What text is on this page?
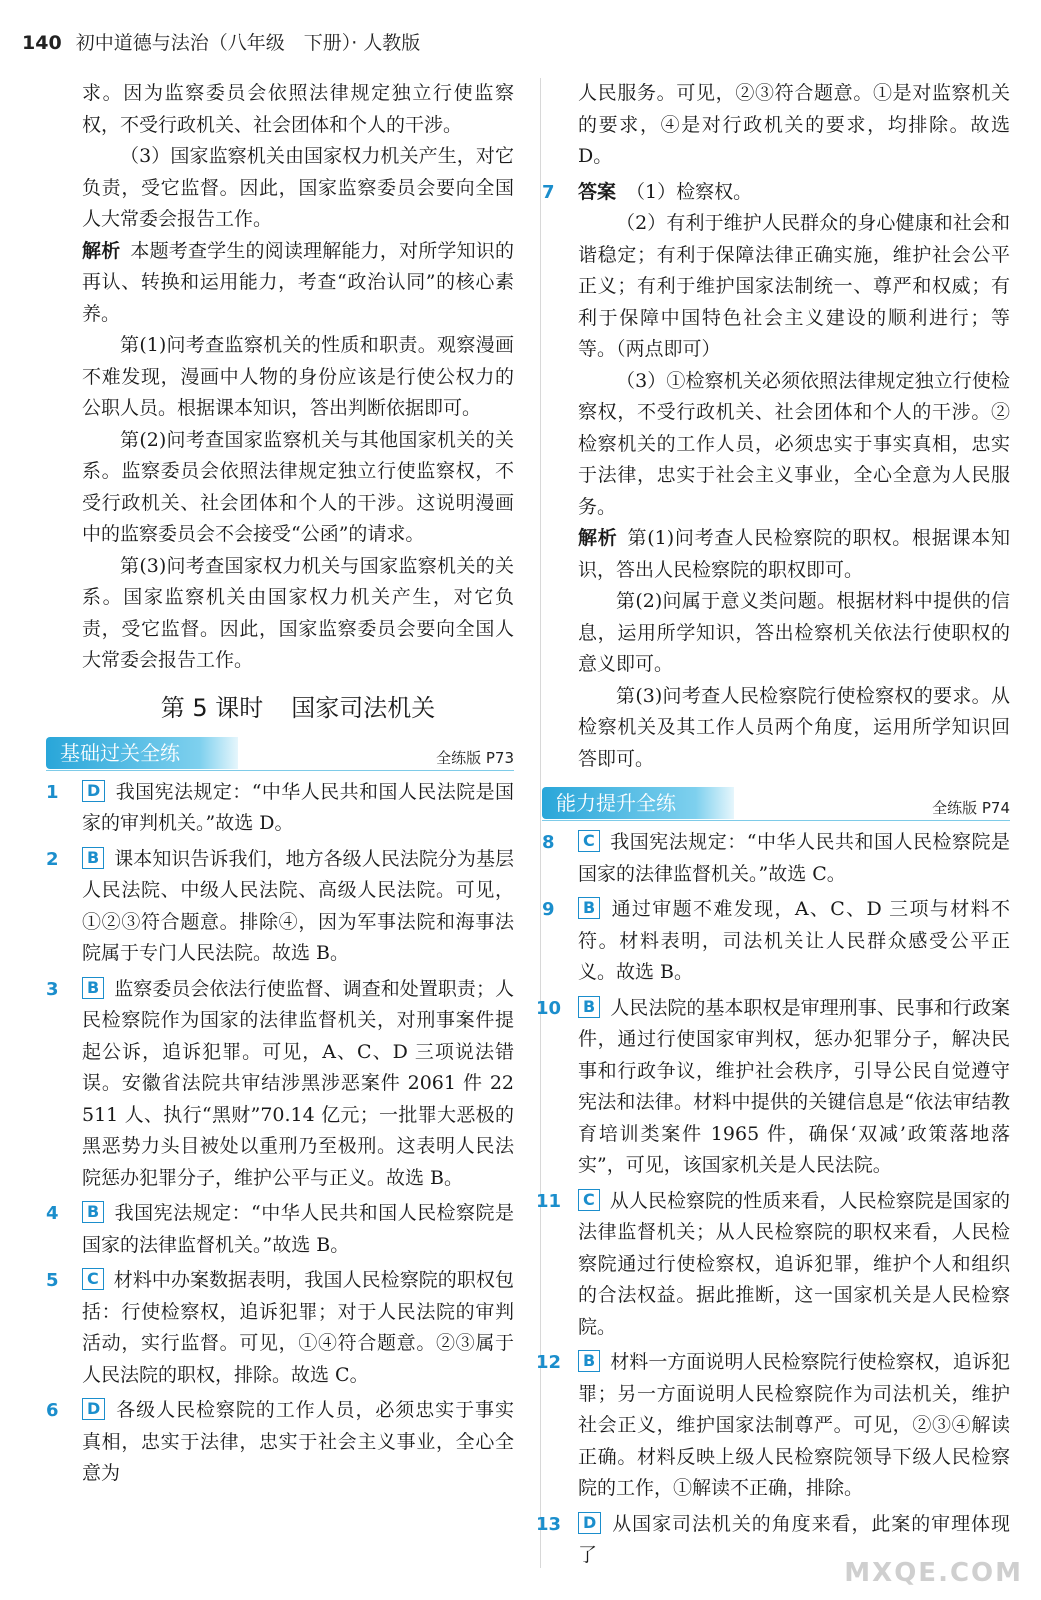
140 初中道德与法治（八年级　下册）· 人教版

求。因为监察委员会依照法律规定独立行使监察权，不受行政机关、社会团体和个人的干涉。

（3）国家监察机关由国家权力机关产生，对它负责，受它监督。因此，国家监察委员会要向全国人大常委会报告工作。

解析 本题考查学生的阅读理解能力，对所学知识的再认、转换和运用能力，考查“政治认同”的核心素养。

第(1)问考查监察机关的性质和职责。观察漫画不难发现，漫画中人物的身份应该是行使公权力的公职人员。根据课本知识，答出判断依据即可。

第(2)问考查国家监察机关与其他国家机关的关系。监察委员会依照法律规定独立行使监察权，不受行政机关、社会团体和个人的干涉。这说明漫画中的监察委员会不会接受“公函”的请求。

第(3)问考查国家权力机关与国家监察机关的关系。国家监察机关由国家权力机关产生，对它负责，受它监督。因此，国家监察委员会要向全国人大常委会报告工作。

第 5 课时 国家司法机关
基础过关全练	全练版 P73
1	D 我国宪法规定：“中华人民共和国人民法院是国家的审判机关。”故选 D。

2	B 课本知识告诉我们，地方各级人民法院分为基层人民法院、中级人民法院、高级人民法院。可见，①②③符合题意。排除④，因为军事法院和海事法院属于专门人民法院。故选 B。

3	B 监察委员会依法行使监督、调查和处置职责；人民检察院作为国家的法律监督机关，对刑事案件提起公诉，追诉犯罪。可见，A、C、D 三项说法错误。安徽省法院共审结涉黑涉恶案件 2061 件 22 511 人、执行“黑财”70.14 亿元；一批罪大恶极的黑恶势力头目被处以重刑乃至极刑。这表明人民法院惩办犯罪分子，维护公平与正义。故选 B。

4	B 我国宪法规定：“中华人民共和国人民检察院是国家的法律监督机关。”故选 B。

5	C 材料中办案数据表明，我国人民检察院的职权包括：行使检察权，追诉犯罪；对于人民法院的审判活动，实行监督。可见，①④符合题意。②③属于人民法院的职权，排除。故选 C。

6	D 各级人民检察院的工作人员，必须忠实于事实真相，忠实于法律，忠实于社会主义事业，全心全意为

人民服务。可见，②③符合题意。①是对监察机关的要求，④是对行政机关的要求，均排除。故选 D。

7	答案 （1）检察权。

（2）有利于维护人民群众的身心健康和社会和谐稳定；有利于保障法律正确实施，维护社会公平正义；有利于维护国家法制统一、尊严和权威；有利于保障中国特色社会主义建设的顺利进行；等等。（两点即可）

（3）①检察机关必须依照法律规定独立行使检察权，不受行政机关、社会团体和个人的干涉。②检察机关的工作人员，必须忠实于事实真相，忠实于法律，忠实于社会主义事业，全心全意为人民服务。

解析 第(1)问考查人民检察院的职权。根据课本知识，答出人民检察院的职权即可。

第(2)问属于意义类问题。根据材料中提供的信息，运用所学知识，答出检察机关依法行使职权的意义即可。

第(3)问考查人民检察院行使检察权的要求。从检察机关及其工作人员两个角度，运用所学知识回答即可。

能力提升全练	全练版 P74
8	C 我国宪法规定：“中华人民共和国人民检察院是国家的法律监督机关。”故选 C。

9	B 通过审题不难发现，A、C、D 三项与材料不符。材料表明，司法机关让人民群众感受公平正义。故选 B。

10	B 人民法院的基本职权是审理刑事、民事和行政案件，通过行使国家审判权，惩办犯罪分子，解决民事和行政争议，维护社会秩序，引导公民自觉遵守宪法和法律。材料中提供的关键信息是“依法审结教育培训类案件 1965 件，确保‘双减’政策落地落实”，可见，该国家机关是人民法院。

11	C 从人民检察院的性质来看，人民检察院是国家的法律监督机关；从人民检察院的职权来看，人民检察院通过行使检察权，追诉犯罪，维护个人和组织的合法权益。据此推断，这一国家机关是人民检察院。

12	B 材料一方面说明人民检察院行使检察权，追诉犯罪；另一方面说明人民检察院作为司法机关，维护社会正义，维护国家法制尊严。可见，②③④解读正确。材料反映上级人民检察院领导下级人民检察院的工作，①解读不正确，排除。

13	D 从国家司法机关的角度来看，此案的审理体现了

MXQE.COM
